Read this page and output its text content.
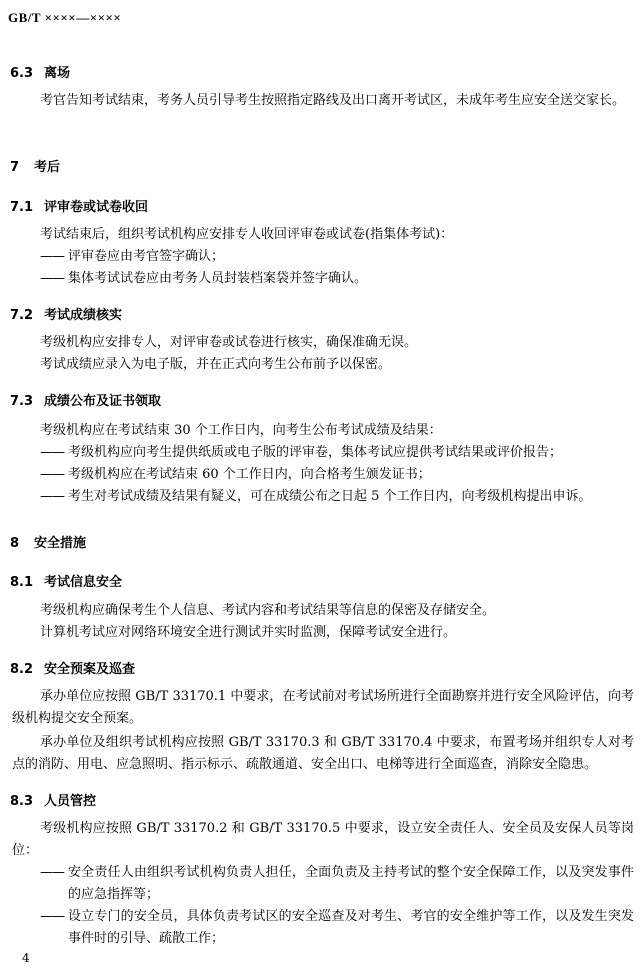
GB/T ××××—××××
6.3 离场
考官告知考试结束，考务人员引导考生按照指定路线及出口离开考试区，未成年考生应安全送交家长。
7 考后
7.1 评审卷或试卷收回
考试结束后，组织考试机构应安排专人收回评审卷或试卷(指集体考试)：
—— 评审卷应由考官签字确认；
—— 集体考试试卷应由考务人员封装档案袋并签字确认。
7.2 考试成绩核实
考级机构应安排专人，对评审卷或试卷进行核实，确保准确无误。
考试成绩应录入为电子版，并在正式向考生公布前予以保密。
7.3 成绩公布及证书领取
考级机构应在考试结束 30 个工作日内，向考生公布考试成绩及结果：
—— 考级机构应向考生提供纸质或电子版的评审卷，集体考试应提供考试结果或评价报告；
—— 考级机构应在考试结束 60 个工作日内，向合格考生颁发证书；
—— 考生对考试成绩及结果有疑义，可在成绩公布之日起 5 个工作日内，向考级机构提出申诉。
8 安全措施
8.1 考试信息安全
考级机构应确保考生个人信息、考试内容和考试结果等信息的保密及存储安全。
计算机考试应对网络环境安全进行测试并实时监测，保障考试安全进行。
8.2 安全预案及巡查
承办单位应按照 GB/T 33170.1 中要求，在考试前对考试场所进行全面勘察并进行安全风险评估，向考级机构提交安全预案。
承办单位及组织考试机构应按照 GB/T 33170.3 和 GB/T 33170.4 中要求，布置考场并组织专人对考点的消防、用电、应急照明、指示标示、疏散通道、安全出口、电梯等进行全面巡查，消除安全隐患。
8.3 人员管控
考级机构应按照 GB/T 33170.2 和 GB/T 33170.5 中要求，设立安全责任人、安全员及安保人员等岗位：
—— 安全责任人由组织考试机构负责人担任，全面负责及主持考试的整个安全保障工作，以及突发事件的应急指挥等；
—— 设立专门的安全员，具体负责考试区的安全巡查及对考生、考官的安全维护等工作，以及发生突发事件时的引导、疏散工作；
4
